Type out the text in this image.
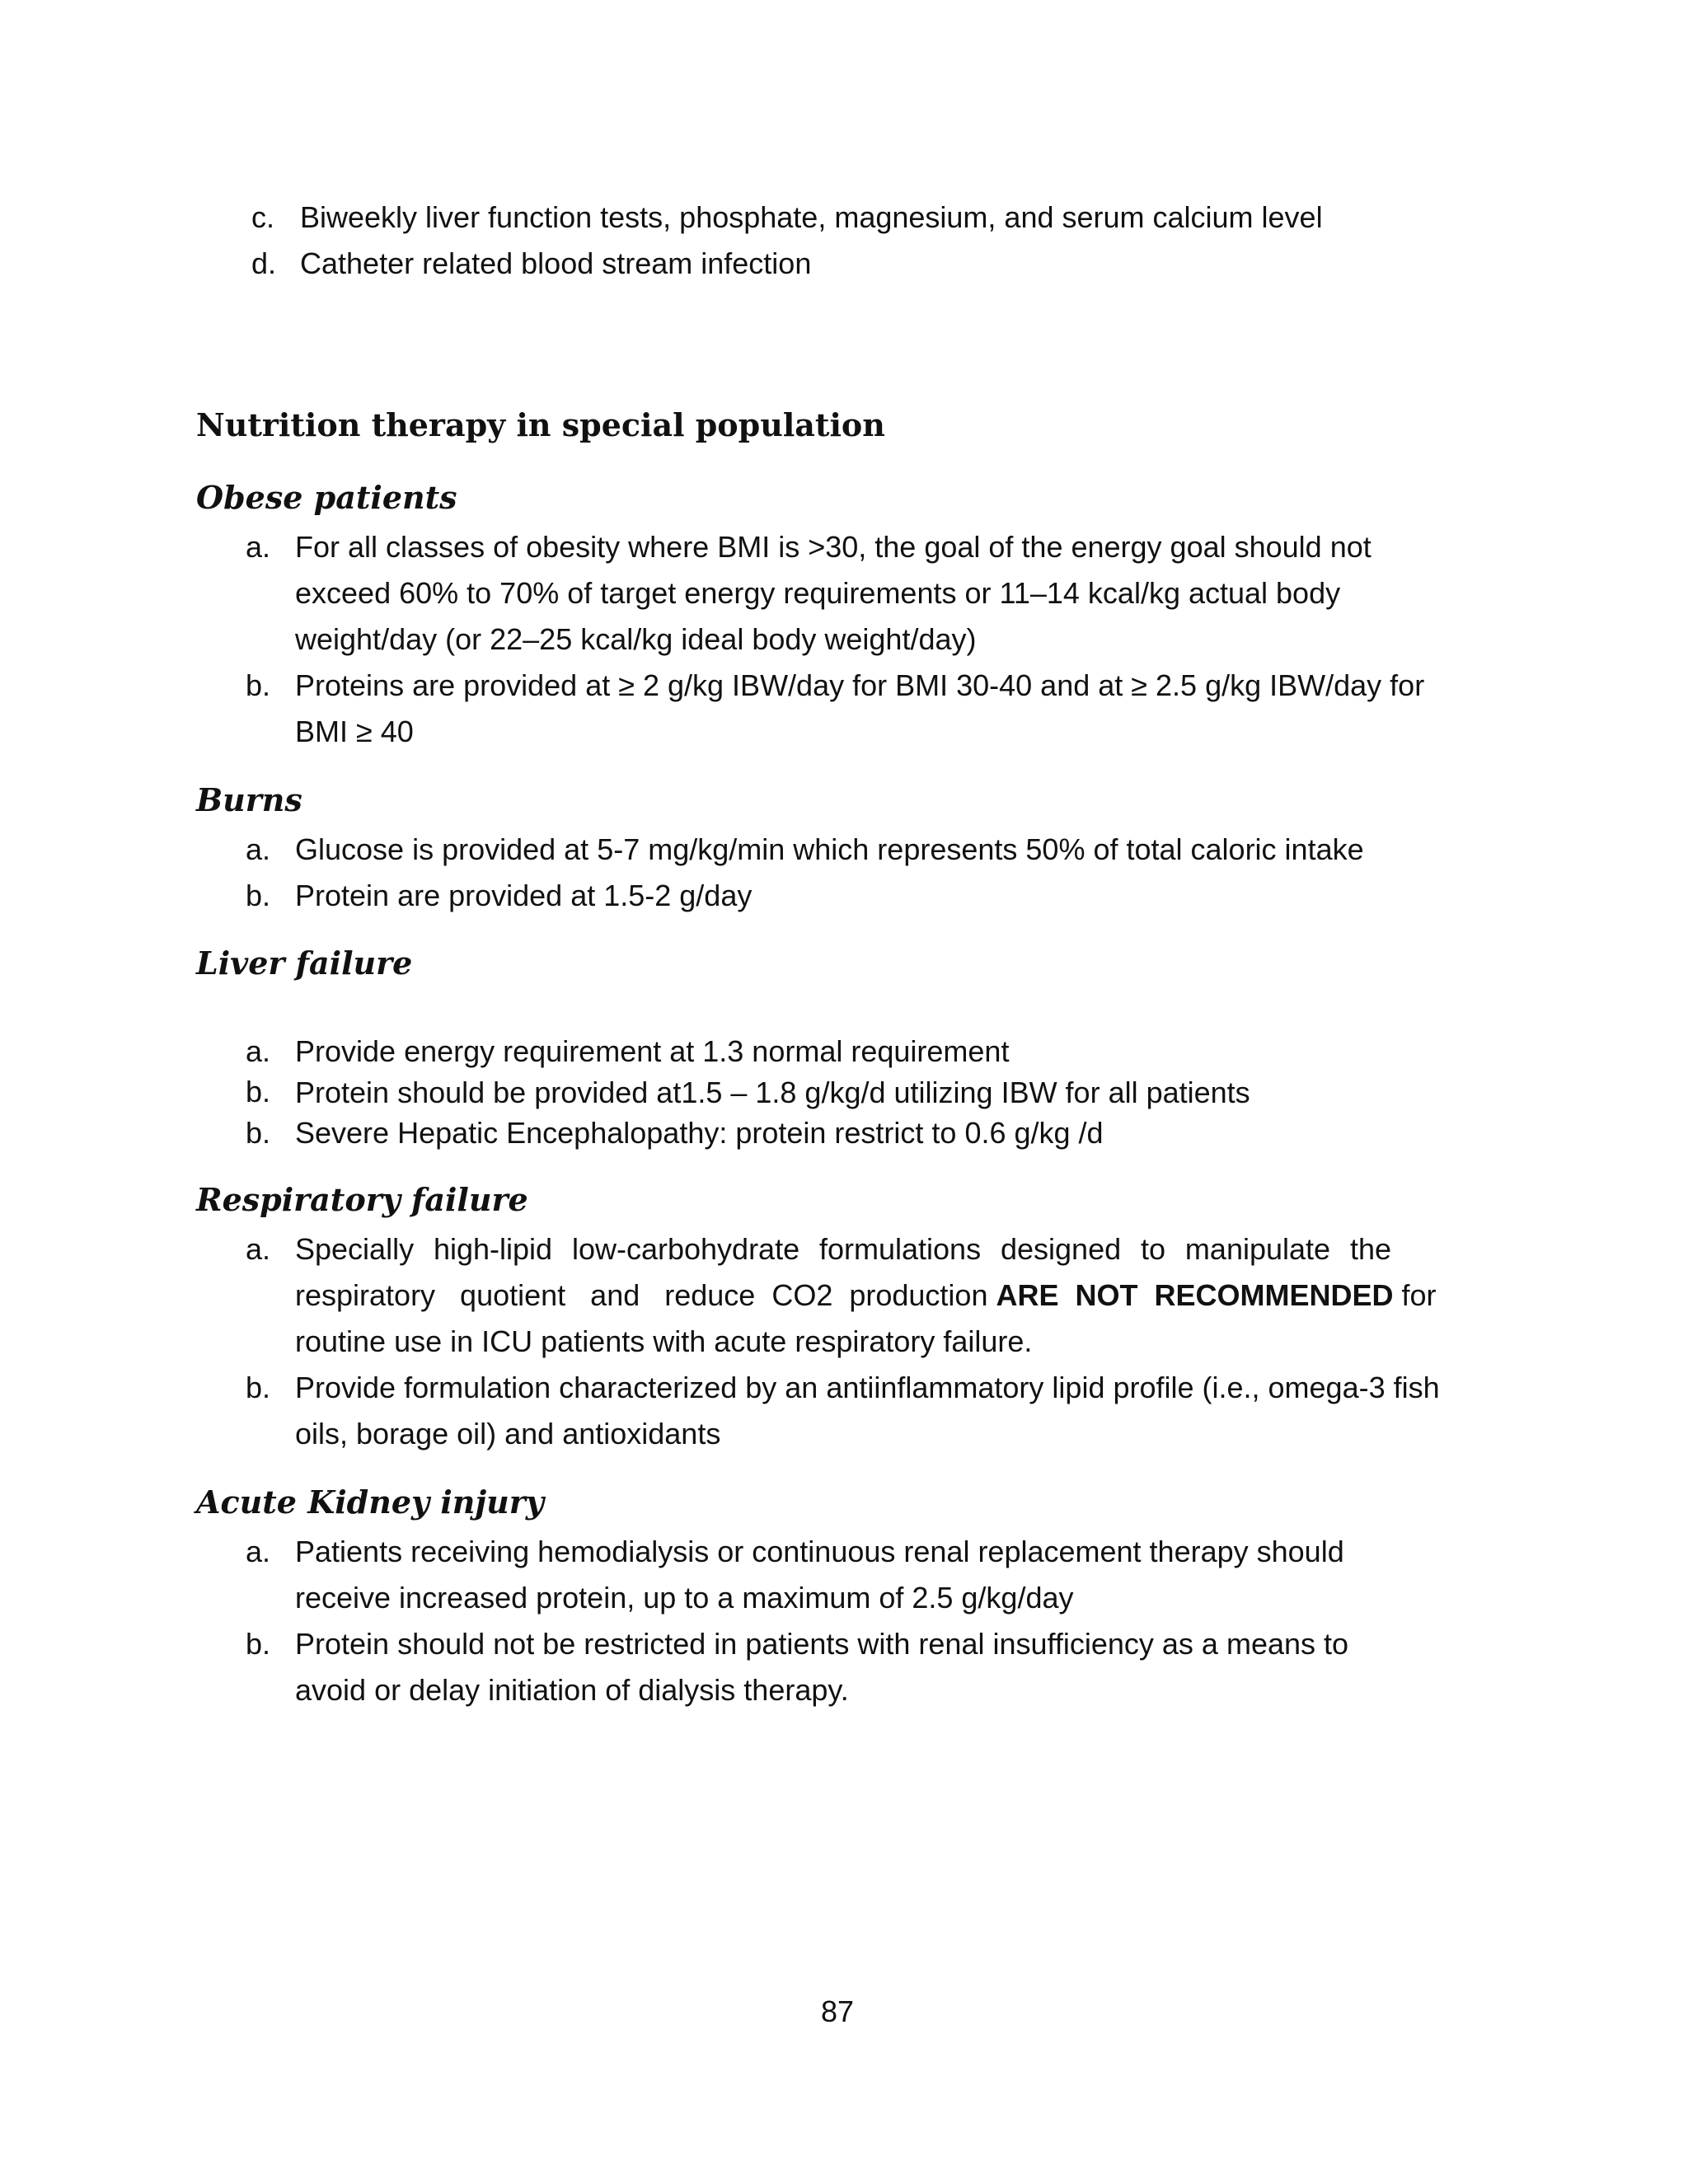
c. Biweekly liver function tests, phosphate, magnesium, and serum calcium level
d. Catheter related blood stream infection
Nutrition therapy in special population
Obese patients
a. For all classes of obesity where BMI is >30, the goal of the energy goal should not
exceed 60% to 70% of target energy requirements or 11–14 kcal/kg actual body
weight/day (or 22–25 kcal/kg ideal body weight/day)
b. Proteins are provided at ≥ 2 g/kg IBW/day for BMI 30-40 and at ≥ 2.5 g/kg IBW/day for
BMI ≥ 40
Burns
a. Glucose is provided at 5-7 mg/kg/min which represents 50% of total caloric intake
b. Protein are provided at 1.5-2 g/day
Liver failure
a. Provide energy requirement at 1.3 normal requirement
b. Protein should be provided at1.5 – 1.8 g/kg/d utilizing IBW for all patients
b. Severe Hepatic Encephalopathy: protein restrict to 0.6 g/kg /d
Respiratory failure
a. Specially high-lipid low-carbohydrate formulations designed to manipulate the
respiratory   quotient   and   reduce  CO2  production ARE  NOT  RECOMMENDED for
routine use in ICU patients with acute respiratory failure.
b. Provide formulation characterized by an antiinflammatory lipid profile (i.e., omega-3 fish
oils, borage oil) and antioxidants
Acute Kidney injury
a. Patients receiving hemodialysis or continuous renal replacement therapy should
receive increased protein, up to a maximum of 2.5 g/kg/day
b. Protein should not be restricted in patients with renal insufficiency as a means to
avoid or delay initiation of dialysis therapy.
87
